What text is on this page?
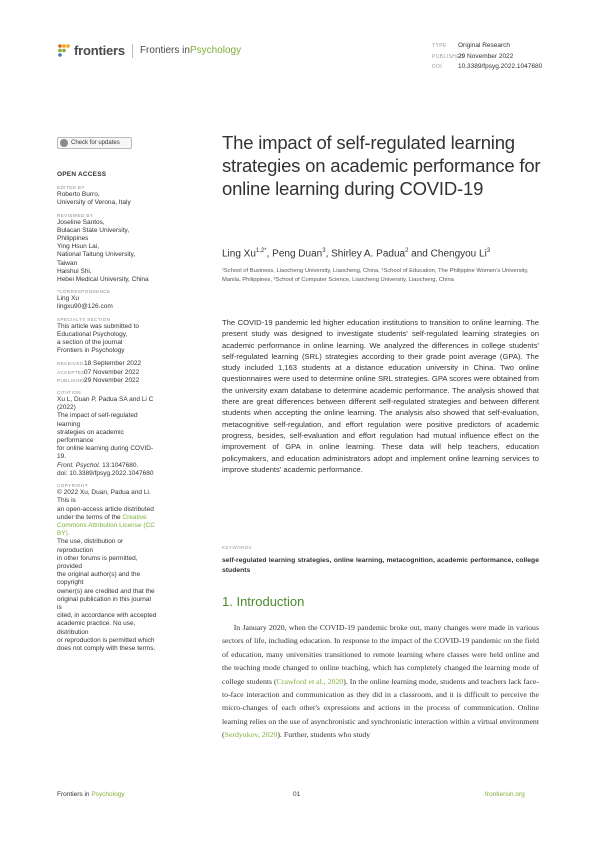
frontiers Frontiers in Psychology	TYPE Original Research
PUBLISHED29 November 2022
DOI 10.3389/fpsyg.2022.1047680
Check for updates
OPEN ACCESS
EDITED BY
Roberto Burro,
University of Verona, Italy
REVIEWED BY
Joseline Santos,
Bulacan State University, Philippines
Ying Hsun Lai,
National Taitung University, Taiwan
Haishui Shi,
Hebei Medical University, China
*CORRESPONDENCE
Ling Xu
lingxu90@126.com
SPECIALTY SECTION
This article was submitted to
Educational Psychology,
a section of the journal
Frontiers in Psychology
RECEIVED18 September 2022
ACCEPTED07 November 2022
PUBLISHED29 November 2022
CITATION
Xu L, Duan P, Padua SA and Li C (2022)
The impact of self-regulated learning
strategies on academic performance
for online learning during COVID-19.
Front. Psychol. 13:1047680.
doi: 10.3389/fpsyg.2022.1047680
COPYRIGHT
© 2022 Xu, Duan, Padua and Li. This is
an open-access article distributed
under the terms of the Creative
Commons Attribution License (CC BY).
The use, distribution or reproduction
in other forums is permitted, provided
the original author(s) and the copyright
owner(s) are credited and that the
original publication in this journal is
cited, in accordance with accepted
academic practice. No use, distribution
or reproduction is permitted which
does not comply with these terms.
The impact of self-regulated learning strategies on academic performance for online learning during COVID-19
Ling $Xu^{1,2*}$, Peng Duan$^3$, Shirley A. Padua$^2$ and Chengyou Li$^3$
¹School of Business, Liaocheng University, Liaocheng, China, ²School of Education, The Philippine Women's University, Manila, Philippines, ³School of Computer Science, Liaocheng University, Liaocheng, China
The COVID-19 pandemic led higher education institutions to transition to online learning. The present study was designed to investigate students' self-regulated learning strategies on academic performance in online learning. We analyzed the differences in college students' self-regulated learning (SRL) strategies according to their grade point average (GPA). The study included 1,163 students at a distance education university in China. Two online questionnaires were used to determine online SRL strategies. GPA scores were obtained from the university exam database to determine academic performance. The analysis showed that there are great differences between different self-regulated strategies and between different students when accepting the online learning. The analysis also showed that self-evaluation, metacognitive self-regulation, and effort regulation were positive predictors of academic progress, besides, self-evaluation and effort regulation had mutual influence effect on the improvement of GPA in online learning. These data will help teachers, education policymakers, and education administrators adopt and implement online learning services to improve students' academic performance.
KEYWORDS
self-regulated learning strategies, online learning, metacognition, academic performance, college students
1. Introduction
  In January 2020, when the COVID-19 pandemic broke out, many changes were made in various sectors of life, including education. In response to the impact of the COVID-19 pandemic on the field of education, many universities transitioned to remote learning where classes were held online and the teaching mode changed to online teaching, which has completely changed the learning mode of college students (Crawford et al., 2020). In the online learning mode, students and teachers lack face-to-face interaction and communication as they did in a classroom, and it is difficult to perceive the micro-changes of each other's expressions and actions in the process of communication. Online learning relies on the use of asynchronistic and synchronistic interaction within a virtual environment (Serdyukov, 2020). Further, students who study
Frontiers in Psychology	01	frontiersin.org
